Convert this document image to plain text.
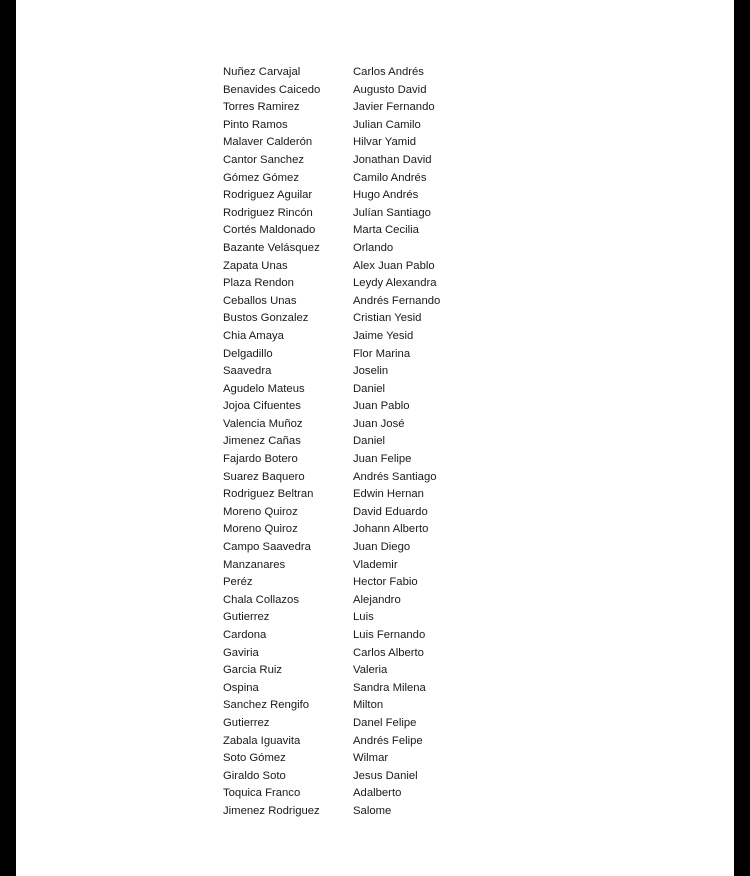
Nuñez Carvajal	Carlos Andrés
Benavides Caicedo	Augusto David
Torres Ramirez	Javier Fernando
Pinto Ramos	Julian Camilo
Malaver Calderón	Hilvar Yamid
Cantor Sanchez	Jonathan David
Gómez Gómez	Camilo Andrés
Rodriguez Aguilar	Hugo Andrés
Rodriguez Rincón	Julían Santiago
Cortés Maldonado	Marta Cecilia
Bazante Velásquez	Orlando
Zapata Unas	Alex Juan Pablo
Plaza Rendon	Leydy Alexandra
Ceballos Unas	Andrés Fernando
Bustos Gonzalez	Cristian Yesid
Chia Amaya	Jaime Yesid
Delgadillo	Flor Marina
Saavedra	Joselin
Agudelo Mateus	Daniel
Jojoa Cifuentes	Juan Pablo
Valencia Muñoz	Juan José
Jimenez Cañas	Daniel
Fajardo Botero	Juan Felipe
Suarez Baquero	Andrés Santiago
Rodriguez Beltran	Edwin Hernan
Moreno Quiroz	David Eduardo
Moreno Quiroz	Johann Alberto
Campo Saavedra	Juan Diego
Manzanares	Vlademir
Peréz	Hector Fabio
Chala Collazos	Alejandro
Gutierrez	Luis
Cardona	Luis Fernando
Gaviria	Carlos Alberto
Garcia Ruiz	Valeria
Ospina	Sandra Milena
Sanchez Rengifo	Milton
Gutierrez	Danel Felipe
Zabala Iguavita	Andrés Felipe
Soto Gómez	Wilmar
Giraldo Soto	Jesus Daniel
Toquica Franco	Adalberto
Jimenez Rodriguez	Salome
